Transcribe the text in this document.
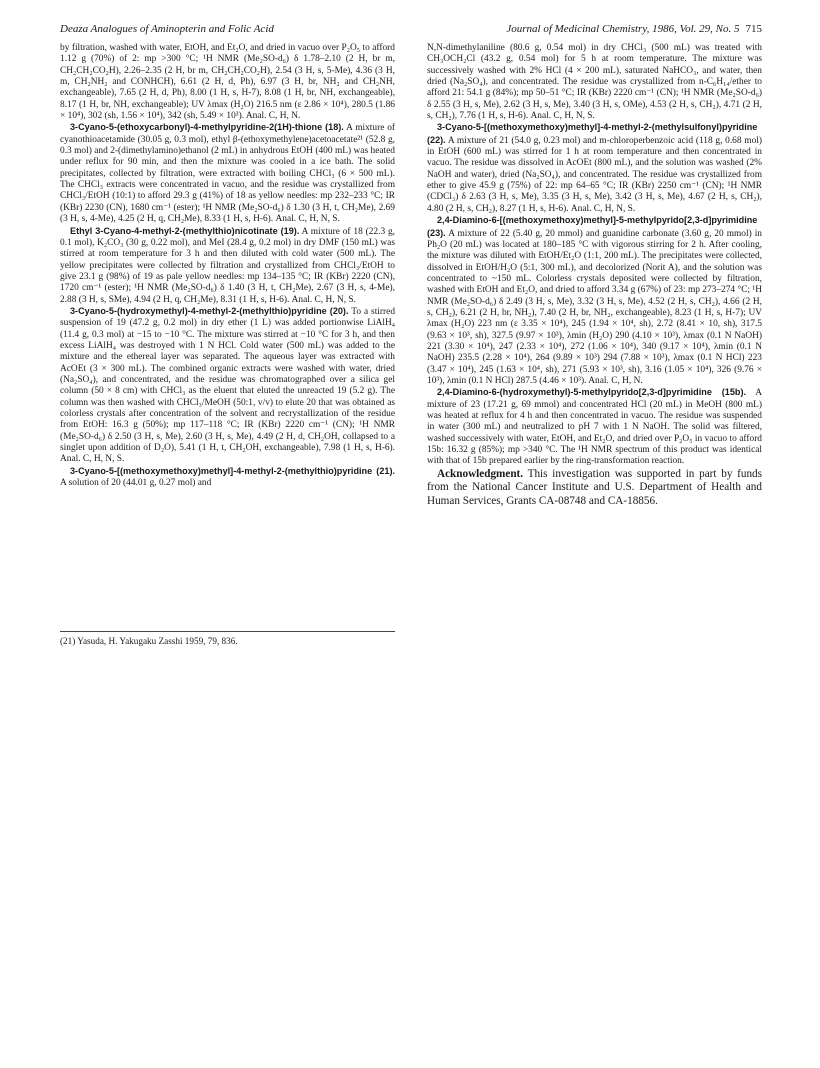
Deaza Analogues of Aminopterin and Folic Acid	Journal of Medicinal Chemistry, 1986, Vol. 29, No. 5 715

by filtration, washed with water, EtOH, and Et₂O, and dried in vacuo over P₂O₅ to afford 1.12 g (70%) of 2: mp >300 °C; ¹H NMR (Me₂SO-d₆) δ 1.78–2.10 (2 H, br m, CH₂CH₂CO₂H), 2.26–2.35 (2 H, br m, CH₂CH₂CO₂H), 2.54 (3 H, s, 5-Me), 4.36 (3 H, m, CH₂NH₂ and CONHCH), 6.61 (2 H, d, Ph), 6.97 (3 H, br, NH₂ and CH₂NH, exchangeable), 7.65 (2 H, d, Ph), 8.00 (1 H, s, H-7), 8.08 (1 H, br, NH, exchangeable), 8.17 (1 H, br, NH, exchangeable); UV λmax (H₂O) 216.5 nm (ε 2.86 × 10⁴), 280.5 (1.86 × 10⁴), 302 (sh, 1.56 × 10⁴), 342 (sh, 5.49 × 10³). Anal. C, H, N.

3-Cyano-5-(ethoxycarbonyl)-4-methylpyridine-2(1H)-thione (18). A mixture of cyanothioacetamide (30.05 g, 0.3 mol), ethyl β-(ethoxymethylene)acetoacetate²¹ (52.8 g, 0.3 mol) and 2-(dimethylamino)ethanol (2 mL) in anhydrous EtOH (400 mL) was heated under reflux for 90 min, and then the mixture was cooled in a ice bath. The solid precipitates, collected by filtration, were extracted with boiling CHCl₃ (6 × 500 mL). The CHCl₃ extracts were concentrated in vacuo, and the residue was crystallized from CHCl₃/EtOH (10:1) to afford 29.3 g (41%) of 18 as yellow needles: mp 232–233 °C; IR (KBr) 2230 (CN), 1680 cm⁻¹ (ester); ¹H NMR (Me₂SO-d₆) δ 1.30 (3 H, t, CH₂Me), 2.69 (3 H, s, 4-Me), 4.25 (2 H, q, CH₂Me), 8.33 (1 H, s, H-6). Anal. C, H, N, S.

Ethyl 3-Cyano-4-methyl-2-(methylthio)nicotinate (19). A mixture of 18 (22.3 g, 0.1 mol), K₂CO₃ (30 g, 0.22 mol), and MeI (28.4 g, 0.2 mol) in dry DMF (150 mL) was stirred at room temperature for 3 h and then diluted with cold water (500 mL). The yellow precipitates were collected by filtration and crystallized from CHCl₃/EtOH to give 23.1 g (98%) of 19 as pale yellow needles: mp 134–135 °C; IR (KBr) 2220 (CN), 1720 cm⁻¹ (ester); ¹H NMR (Me₂SO-d₆) δ 1.40 (3 H, t, CH₂Me), 2.67 (3 H, s, 4-Me), 2.88 (3 H, s, SMe), 4.94 (2 H, q, CH₂Me), 8.31 (1 H, s, H-6). Anal. C, H, N, S.

3-Cyano-5-(hydroxymethyl)-4-methyl-2-(methylthio)pyridine (20). To a stirred suspension of 19 (47.2 g, 0.2 mol) in dry ether (1 L) was added portionwise LiAlH₄ (11.4 g, 0.3 mol) at −15 to −10 °C. The mixture was stirred at −10 °C for 3 h, and then excess LiAlH₄ was destroyed with 1 N HCl. Cold water (500 mL) was added to the mixture and the ethereal layer was separated. The aqueous layer was extracted with AcOEt (3 × 300 mL). The combined organic extracts were washed with water, dried (Na₂SO₄), and concentrated, and the residue was chromatographed over a silica gel column (50 × 8 cm) with CHCl₃ as the eluent that eluted the unreacted 19 (5.2 g). The column was then washed with CHCl₃/MeOH (50:1, v/v) to elute 20 that was obtained as colorless crystals after concentration of the solvent and recrystallization of the residue from EtOH: 16.3 g (50%); mp 117–118 °C; IR (KBr) 2220 cm⁻¹ (CN); ¹H NMR (Me₂SO-d₆) δ 2.50 (3 H, s, Me), 2.60 (3 H, s, Me), 4.49 (2 H, d, CH₂OH, collapsed to a singlet upon addition of D₂O), 5.41 (1 H, t, CH₂OH, exchangeable), 7.98 (1 H, s, H-6). Anal. C, H, N, S.

3-Cyano-5-[(methoxymethoxy)methyl]-4-methyl-2-(methylthio)pyridine (21). A solution of 20 (44.01 g, 0.27 mol) and

(21) Yasuda, H. Yakugaku Zasshi 1959, 79, 836.

N,N-dimethylaniline (80.6 g, 0.54 mol) in dry CHCl₃ (500 mL) was treated with CH₃OCH₂Cl (43.2 g, 0.54 mol) for 5 h at room temperature. The mixture was successively washed with 2% HCl (4 × 200 mL), saturated NaHCO₃, and water, then dried (Na₂SO₄), and concentrated. The residue was crystallized from n-C₆H₁₄/ether to afford 21: 54.1 g (84%); mp 50–51 °C; IR (KBr) 2220 cm⁻¹ (CN); ¹H NMR (Me₂SO-d₆) δ 2.55 (3 H, s, Me), 2.62 (3 H, s, Me), 3.40 (3 H, s, OMe), 4.53 (2 H, s, CH₂), 4.71 (2 H, s, CH₂), 7.76 (1 H, s, H-6). Anal. C, H, N, S.

3-Cyano-5-[(methoxymethoxy)methyl]-4-methyl-2-(methylsulfonyl)pyridine (22). A mixture of 21 (54.0 g, 0.23 mol) and m-chloroperbenzoic acid (118 g, 0.68 mol) in EtOH (600 mL) was stirred for 1 h at room temperature and then concentrated in vacuo. The residue was dissolved in AcOEt (800 mL), and the solution was washed (2% NaOH and water), dried (Na₂SO₄), and concentrated. The residue was crystallized from ether to give 45.9 g (75%) of 22: mp 64–65 °C; IR (KBr) 2250 cm⁻¹ (CN); ¹H NMR (CDCl₃) δ 2.63 (3 H, s, Me), 3.35 (3 H, s, Me), 3.42 (3 H, s, Me), 4.67 (2 H, s, CH₂), 4.80 (2 H, s, CH₂), 8.27 (1 H, s, H-6). Anal. C, H, N, S.

2,4-Diamino-6-[(methoxymethoxy)methyl]-5-methylpyrido[2,3-d]pyrimidine (23). A mixture of 22 (5.40 g, 20 mmol) and guanidine carbonate (3.60 g, 20 mmol) in Ph₂O (20 mL) was located at 180–185 °C with vigorous stirring for 2 h. After cooling, the mixture was diluted with EtOH/Et₂O (1:1, 200 mL). The precipitates were collected, dissolved in EtOH/H₂O (5:1, 300 mL), and decolorized (Norit A), and the solution was concentrated to ~150 mL. Colorless crystals deposited were collected by filtration, washed with EtOH and Et₂O, and dried to afford 3.34 g (67%) of 23: mp 273–274 °C; ¹H NMR (Me₂SO-d₆) δ 2.49 (3 H, s, Me), 3.32 (3 H, s, Me), 4.52 (2 H, s, CH₂), 4.66 (2 H, s, CH₂), 6.21 (2 H, br, NH₂), 7.40 (2 H, br, NH₂, exchangeable), 8.23 (1 H, s, H-7); UV λmax (H₂O) 223 nm (ε 3.35 × 10⁴), 245 (1.94 × 10⁴, sh), 2.72 (8.41 × 10, sh), 317.5 (9.63 × 10³, sh), 327.5 (9.97 × 10³), λmin (H₂O) 290 (4.10 × 10³), λmax (0.1 N NaOH) 221 (3.30 × 10⁴), 247 (2.33 × 10⁴), 272 (1.06 × 10⁴), 340 (9.17 × 10⁴), λmin (0.1 N NaOH) 235.5 (2.28 × 10⁴), 264 (9.89 × 10³) 294 (7.88 × 10³), λmax (0.1 N HCl) 223 (3.47 × 10⁴), 245 (1.63 × 10⁴, sh), 271 (5.93 × 10³, sh), 3.16 (1.05 × 10⁴), 326 (9.76 × 10³), λmin (0.1 N HCl) 287.5 (4.46 × 10³). Anal. C, H, N.

2,4-Diamino-6-(hydroxymethyl)-5-methylpyrido[2,3-d]pyrimidine (15b). A mixture of 23 (17.21 g, 69 mmol) and concentrated HCl (20 mL) in MeOH (800 mL) was heated at reflux for 4 h and then concentrated in vacuo. The residue was suspended in water (300 mL) and neutralized to pH 7 with 1 N NaOH. The solid was filtered, washed successively with water, EtOH, and Et₂O, and dried over P₂O₅ in vacuo to afford 15b: 16.32 g (85%); mp >340 °C. The ¹H NMR spectrum of this product was identical with that of 15b prepared earlier by the ring-transformation reaction.

Acknowledgment. This investigation was supported in part by funds from the National Cancer Institute and U.S. Department of Health and Human Services, Grants CA-08748 and CA-18856.
